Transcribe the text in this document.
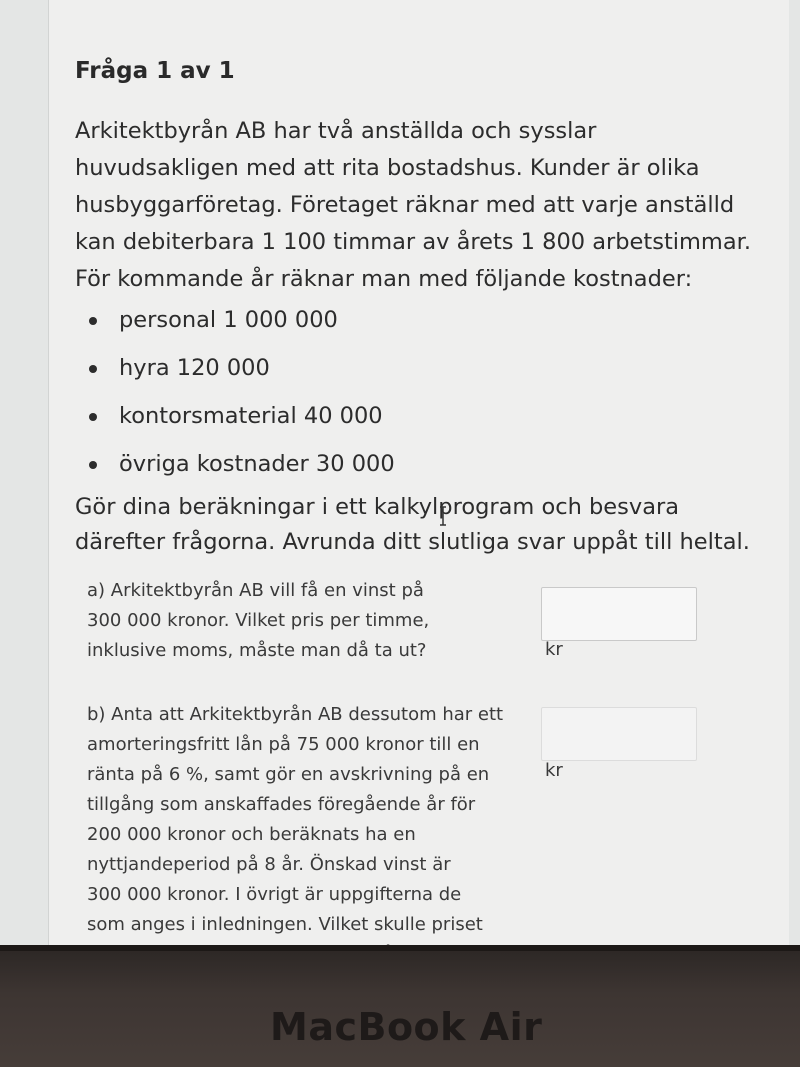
Fråga 1 av 1

Arkitektbyrån AB har två anställda och sysslar

huvudsakligen med att rita bostadshus. Kunder är olika

husbyggarföretag. Företaget räknar med att varje anställd

kan debiterbara 1 100 timmar av årets 1 800 arbetstimmar.

För kommande år räknar man med följande kostnader:

personal 1 000 000
hyra 120 000
kontorsmaterial 40 000
övriga kostnader 30 000
Gör dina beräkningar i ett kalkylprogram och besvara
därefter frågorna. Avrunda ditt slutliga svar uppåt till heltal.
a) Arkitektbyrån AB vill få en vinst på
300 000 kronor. Vilket pris per timme,
inklusive moms, måste man då ta ut?	kr
b) Anta att Arkitektbyrån AB dessutom har ett
amorteringsfritt lån på 75 000 kronor till en
ränta på 6 %, samt gör en avskrivning på en
tillgång som anskaffades föregående år för
200 000 kronor och beräknats ha en
nyttjandeperiod på 8 år. Önskad vinst är
300 000 kronor. I övrigt är uppgifterna de
som anges i inledningen. Vilket skulle priset
kr
MacBook Air
